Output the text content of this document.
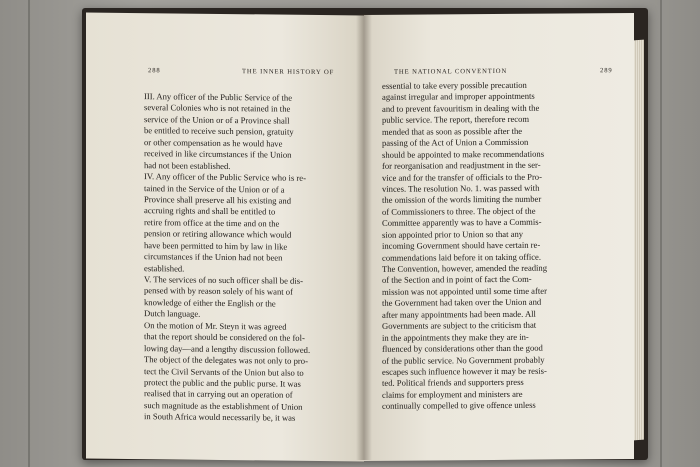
288	THE INNER HISTORY OF
III. Any officer of the Public Service of the
several Colonies who is not retained in the
service of the Union or of a Province shall
be entitled to receive such pension, gratuity
or other compensation as he would have
received in like circumstances if the Union
had not been established.
IV. Any officer of the Public Service who is re-
tained in the Service of the Union or of a
Province shall preserve all his existing and
accruing rights and shall be entitled to
retire from office at the time and on the
pension or retiring allowance which would
have been permitted to him by law in like
circumstances if the Union had not been
established.
V. The services of no such officer shall be dis-
pensed with by reason solely of his want of
knowledge of either the English or the
Dutch language.
On the motion of Mr. Steyn it was agreed
that the report should be considered on the fol-
lowing day—and a lengthy discussion followed.
The object of the delegates was not only to pro-
tect the Civil Servants of the Union but also to
protect the public and the public purse. It was
realised that in carrying out an operation of
such magnitude as the establishment of Union
in South Africa would necessarily be, it was
THE NATIONAL CONVENTION	289
essential to take every possible precaution
against irregular and improper appointments
and to prevent favouritism in dealing with the
public service. The report, therefore recom
mended that as soon as possible after the
passing of the Act of Union a Commission
should be appointed to make recommendations
for reorganisation and readjustment in the ser-
vice and for the transfer of officials to the Pro-
vinces. The resolution No. 1. was passed with
the omission of the words limiting the number
of Commissioners to three. The object of the
Committee apparently was to have a Commis-
sion appointed prior to Union so that any
incoming Government should have certain re-
commendations laid before it on taking office.
The Convention, however, amended the reading
of the Section and in point of fact the Com-
mission was not appointed until some time after
the Government had taken over the Union and
after many appointments had been made. All
Governments are subject to the criticism that
in the appointments they make they are in-
fluenced by considerations other than the good
of the public service. No Government probably
escapes such influence however it may be resis-
ted. Political friends and supporters press
claims for employment and ministers are
continually compelled to give offence unless
